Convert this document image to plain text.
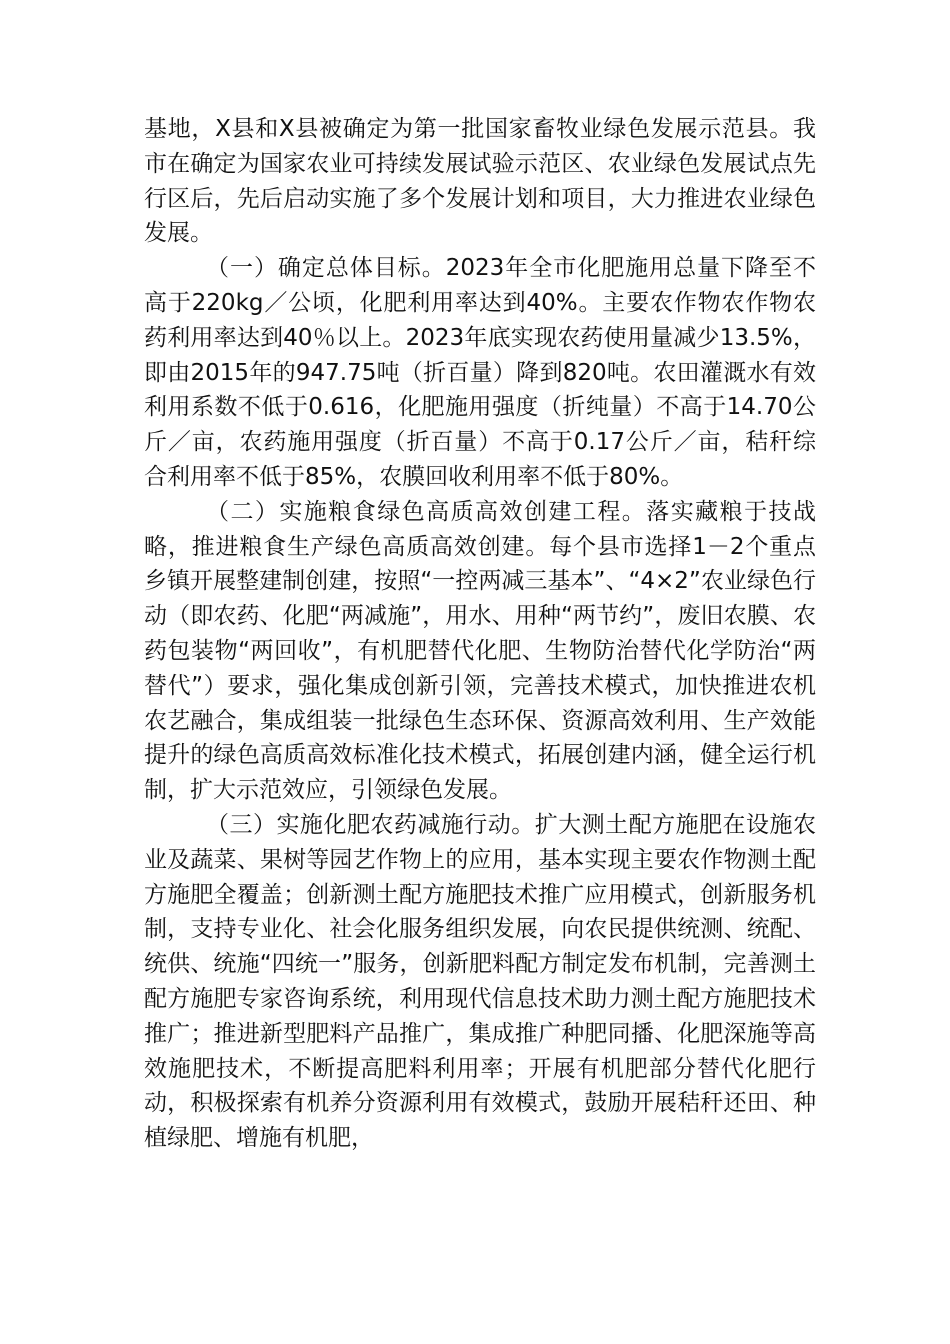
基地，X县和X县被确定为第一批国家畜牧业绿色发展示范县。我市在确定为国家农业可持续发展试验示范区、农业绿色发展试点先行区后，先后启动实施了多个发展计划和项目，大力推进农业绿色发展。

（一）确定总体目标。2023年全市化肥施用总量下降至不高于220kg／公顷，化肥利用率达到40%。主要农作物农作物农药利用率达到40％以上。2023年底实现农药使用量减少13.5%，即由2015年的947.75吨（折百量）降到820吨。农田灌溉水有效利用系数不低于0.616，化肥施用强度（折纯量）不高于14.70公斤／亩，农药施用强度（折百量）不高于0.17公斤／亩，秸秆综合利用率不低于85%，农膜回收利用率不低于80%。

（二）实施粮食绿色高质高效创建工程。落实藏粮于技战略，推进粮食生产绿色高质高效创建。每个县市选择1－2个重点乡镇开展整建制创建，按照“一控两减三基本”、“4×2”农业绿色行动（即农药、化肥“两减施”，用水、用种“两节约”，废旧农膜、农药包装物“两回收”，有机肥替代化肥、生物防治替代化学防治“两替代”）要求，强化集成创新引领，完善技术模式，加快推进农机农艺融合，集成组装一批绿色生态环保、资源高效利用、生产效能提升的绿色高质高效标准化技术模式，拓展创建内涵，健全运行机制，扩大示范效应，引领绿色发展。

（三）实施化肥农药减施行动。扩大测土配方施肥在设施农业及蔬菜、果树等园艺作物上的应用，基本实现主要农作物测土配方施肥全覆盖；创新测土配方施肥技术推广应用模式，创新服务机制，支持专业化、社会化服务组织发展，向农民提供统测、统配、统供、统施“四统一”服务，创新肥料配方制定发布机制，完善测土配方施肥专家咨询系统，利用现代信息技术助力测土配方施肥技术推广；推进新型肥料产品推广，集成推广种肥同播、化肥深施等高效施肥技术，不断提高肥料利用率；开展有机肥部分替代化肥行动，积极探索有机养分资源利用有效模式，鼓励开展秸秆还田、种植绿肥、增施有机肥，
